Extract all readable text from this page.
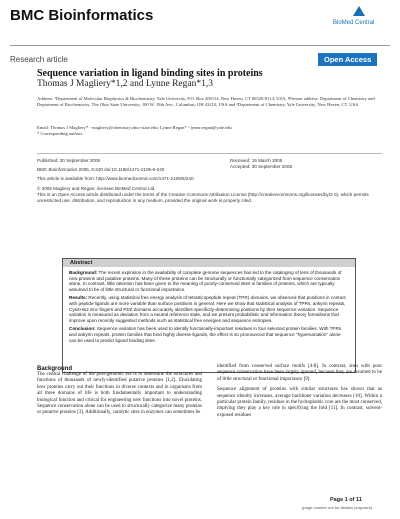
BMC Bioinformatics	BioMed Central
Research article	Open Access
Sequence variation in ligand binding sites in proteins
Thomas J Magliery*1,2 and Lynne Regan*1,3
Address: ¹Department of Molecular Biophysics & Biochemistry, Yale University, P.O. Box 208114, New Haven, CT 06520-8114, USA, ²Present address: Department of Chemistry and Department of Biochemistry, The Ohio State University, 100 W. 18th Ave., Columbus, OH 43210, USA and ³Department of Chemistry, Yale University, New Haven, CT, USA
Email: Thomas J Magliery* - magliery@chemistry.ohio-state.edu; Lynne Regan* - lynne.regan@yale.edu
* Corresponding authors
Published: 30 September 2005
BMC Bioinformatics 2005, 6:240 doi:10.1186/1471-2105-6-240
This article is available from: http://www.biomedcentral.com/1471-2105/6/240
Received: 15 March 2005
Accepted: 30 September 2005
© 2005 Magliery and Regan; licensee BioMed Central Ltd.
This is an Open Access article distributed under the terms of the Creative Commons Attribution License (http://creativecommons.org/licenses/by/2.0), which permits unrestricted use, distribution, and reproduction in any medium, provided the original work is properly cited.
Abstract

Background: The recent explosion in the availability of complete genome sequences has led to the cataloging of tens of thousands of new proteins and putative proteins. Many of these proteins can be structurally or functionally categorized from sequence conservation alone. In contrast, little attention has been given to the meaning of poorly-conserved sites in families of proteins, which are typically assumed to be of little structural or functional importance.

Results: Recently, using statistical free energy analysis of tetratricopeptide repeat (TPR) domains, we observed that positions in contact with peptide ligands are more variable than surface positions in general. Here we show that statistical analysis of TPRs, ankyrin repeats, Cys2His2 zinc fingers and PDZ domains accurately identifies specificity-determining positions by their sequence variation. Sequence variation is measured as deviation from a neutral reference state, and we present probabilistic and information theory formalisms that improve upon recently suggested methods such as statistical free energies and sequence entropies.

Conclusion: Sequence variation has been used to identify functionally-important residues in four selected protein families. With TPRs and ankyrin repeats, protein families that bind highly diverse ligands, the effect is so pronounced that sequence "hypervariation" alone can be used to predict ligand binding sites.

Background

The central challenge of the post-genomic era is to determine the structures and functions of thousands of newly-identified putative proteins [1,2]. Elucidating how proteins carry out their functions in diverse contexts and in organisms from all three domains of life is both fundamentally important to understanding biological function and critical for engineering new functions into novel proteins. Sequence conservation alone can be used to structurally categorize many proteins or putative proteins [3]. Additionally, catalytic sites in enzymes can sometimes be

identified from conserved surface motifs [4-8]. In contrast, sites with poor sequence conservation have been largely ignored, because they are assumed to be of little structural or functional importance [9].

Sequence alignment of proteins with similar structures has shown that as sequence identity increases, average backbone variation decreases [10]. Within a particular protein family, residues in the hydrophobic core are the most conserved, implying they play a key role in specifying the fold [11]. In contrast, solvent-exposed residues

Page 1 of 11
(page number not for citation purposes)
